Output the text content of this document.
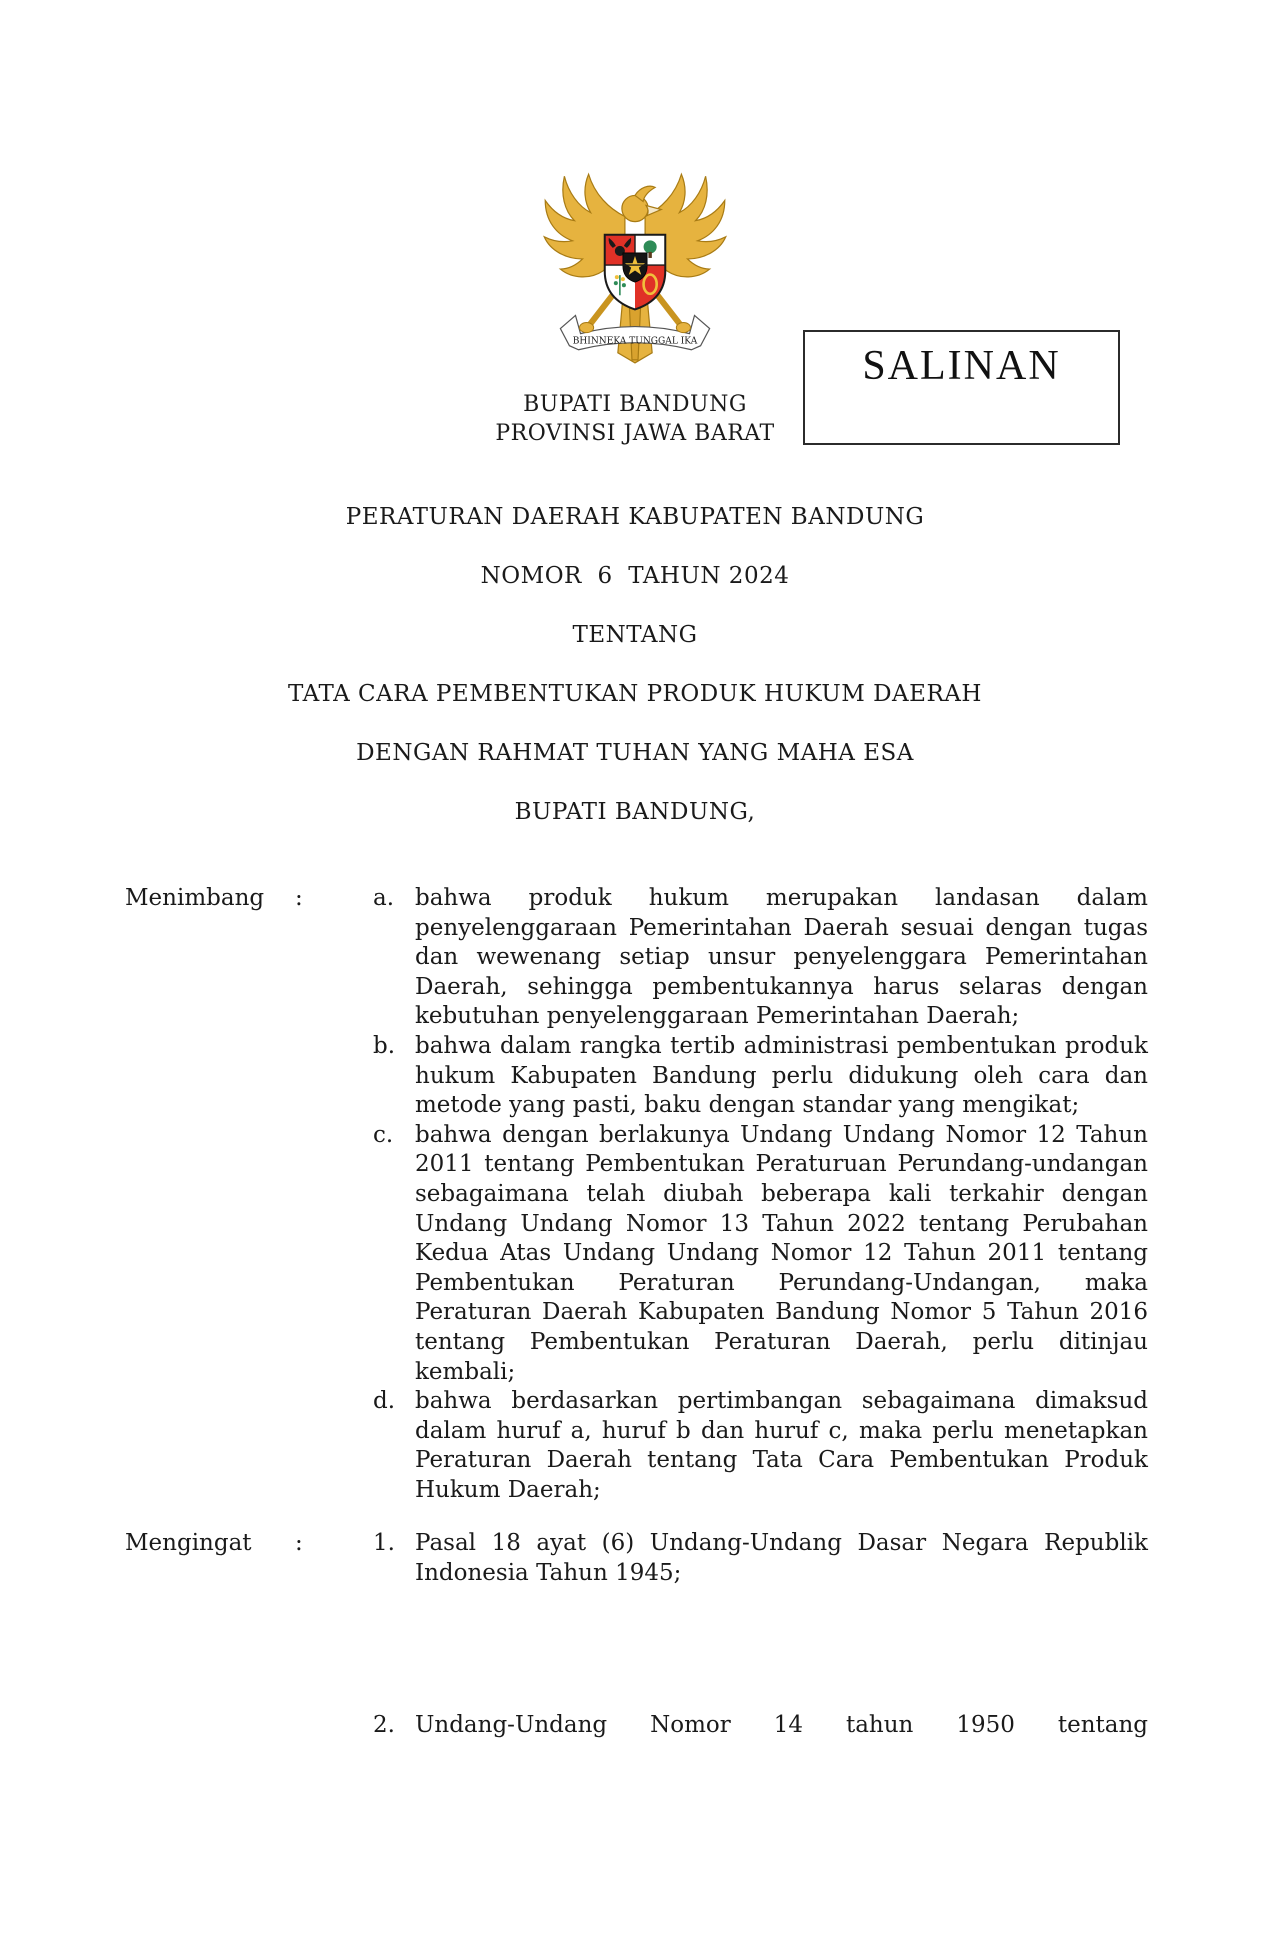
BHINNEKA TUNGGAL IKA
SALINAN
BUPATI BANDUNG
PROVINSI JAWA BARAT
PERATURAN DAERAH KABUPATEN BANDUNG
NOMOR  6  TAHUN 2024
TENTANG
TATA CARA PEMBENTUKAN PRODUK HUKUM DAERAH
DENGAN RAHMAT TUHAN YANG MAHA ESA
BUPATI BANDUNG,
Menimbang	:	a. bahwa produk hukum merupakan landasan dalam penyelenggaraan Pemerintahan Daerah sesuai dengan tugas dan wewenang setiap unsur penyelenggara Pemerintahan Daerah, sehingga pembentukannya harus selaras dengan kebutuhan penyelenggaraan Pemerintahan Daerah;
b. bahwa dalam rangka tertib administrasi pembentukan produk hukum Kabupaten Bandung perlu didukung oleh cara dan metode yang pasti, baku dengan standar yang mengikat;
c. bahwa dengan berlakunya Undang Undang Nomor 12 Tahun 2011 tentang Pembentukan Peraturuan Perundang-undangan sebagaimana telah diubah beberapa kali terkahir dengan Undang Undang Nomor 13 Tahun 2022 tentang Perubahan Kedua Atas Undang Undang Nomor 12 Tahun 2011 tentang Pembentukan Peraturan Perundang-Undangan, maka Peraturan Daerah Kabupaten Bandung Nomor 5 Tahun 2016 tentang Pembentukan Peraturan Daerah, perlu ditinjau kembali;
d. bahwa berdasarkan pertimbangan sebagaimana dimaksud dalam huruf a, huruf b dan huruf c, maka perlu menetapkan Peraturan Daerah tentang Tata Cara Pembentukan Produk Hukum Daerah;
Mengingat	:	1. Pasal 18 ayat (6) Undang-Undang Dasar Negara Republik Indonesia Tahun 1945;
2. Undang-Undang Nomor 14 tahun 1950 tentang
